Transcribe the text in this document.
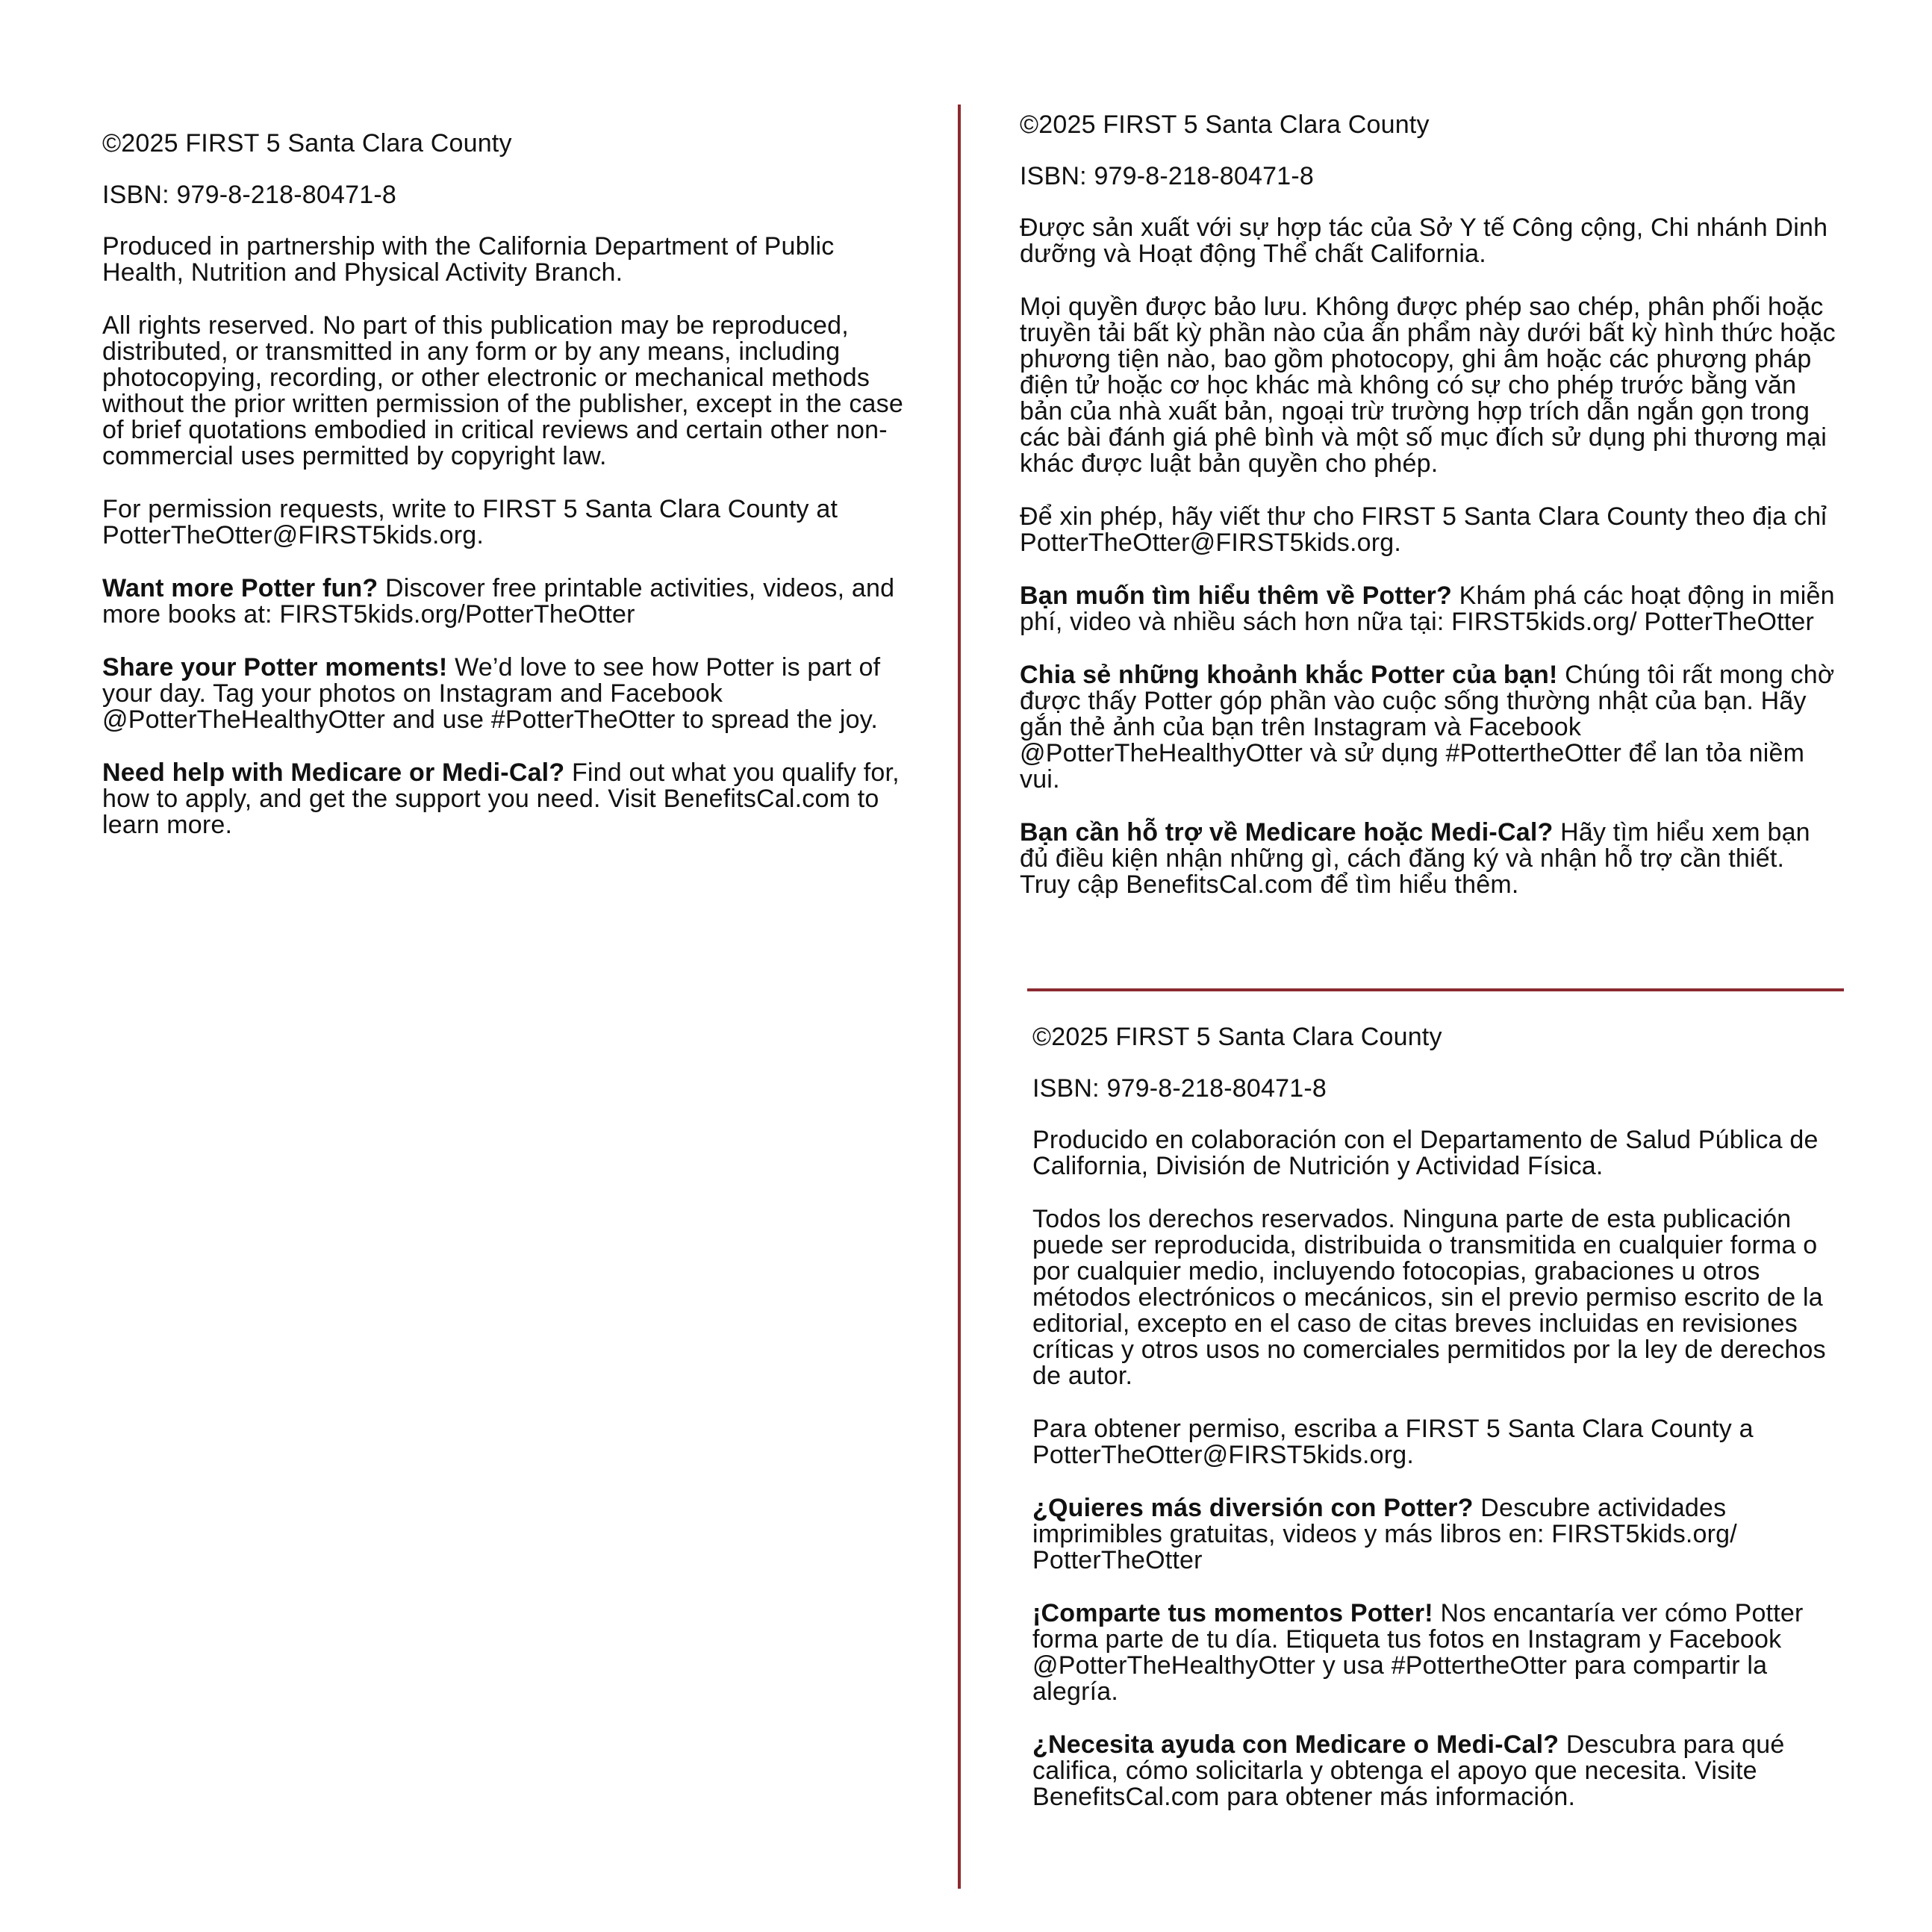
©2025 FIRST 5 Santa Clara County

ISBN: 979-8-218-80471-8

Produced in partnership with the California Department of Public Health, Nutrition and Physical Activity Branch.

All rights reserved. No part of this publication may be reproduced, distributed, or transmitted in any form or by any means, including photocopying, recording, or other electronic or mechanical methods without the prior written permission of the publisher, except in the case of brief quotations embodied in critical reviews and certain other non-commercial uses permitted by copyright law.

For permission requests, write to FIRST 5 Santa Clara County at PotterTheOtter@FIRST5kids.org.

Want more Potter fun? Discover free printable activities, videos, and more books at: FIRST5kids.org/PotterTheOtter

Share your Potter moments! We’d love to see how Potter is part of your day. Tag your photos on Instagram and Facebook @PotterTheHealthyOtter and use #PotterTheOtter to spread the joy.

Need help with Medicare or Medi-Cal? Find out what you qualify for, how to apply, and get the support you need. Visit BenefitsCal.com to learn more.

©2025 FIRST 5 Santa Clara County

ISBN: 979-8-218-80471-8

Được sản xuất với sự hợp tác của Sở Y tế Công cộng, Chi nhánh Dinh dưỡng và Hoạt động Thể chất California.

Mọi quyền được bảo lưu. Không được phép sao chép, phân phối hoặc truyền tải bất kỳ phần nào của ấn phẩm này dưới bất kỳ hình thức hoặc phương tiện nào, bao gồm photocopy, ghi âm hoặc các phương pháp điện tử hoặc cơ học khác mà không có sự cho phép trước bằng văn bản của nhà xuất bản, ngoại trừ trường hợp trích dẫn ngắn gọn trong các bài đánh giá phê bình và một số mục đích sử dụng phi thương mại khác được luật bản quyền cho phép.

Để xin phép, hãy viết thư cho FIRST 5 Santa Clara County theo địa chỉ PotterTheOtter@FIRST5kids.org.

Bạn muốn tìm hiểu thêm về Potter? Khám phá các hoạt động in miễn phí, video và nhiều sách hơn nữa tại: FIRST5kids.org/ PotterTheOtter

Chia sẻ những khoảnh khắc Potter của bạn! Chúng tôi rất mong chờ được thấy Potter góp phần vào cuộc sống thường nhật của bạn. Hãy gắn thẻ ảnh của bạn trên Instagram và Facebook @PotterTheHealthyOtter và sử dụng #PottertheOtter để lan tỏa niềm vui.

Bạn cần hỗ trợ về Medicare hoặc Medi-Cal? Hãy tìm hiểu xem bạn đủ điều kiện nhận những gì, cách đăng ký và nhận hỗ trợ cần thiết. Truy cập BenefitsCal.com để tìm hiểu thêm.

©2025 FIRST 5 Santa Clara County

ISBN: 979-8-218-80471-8

Producido en colaboración con el Departamento de Salud Pública de California, División de Nutrición y Actividad Física.

Todos los derechos reservados. Ninguna parte de esta publicación puede ser reproducida, distribuida o transmitida en cualquier forma o por cualquier medio, incluyendo fotocopias, grabaciones u otros métodos electrónicos o mecánicos, sin el previo permiso escrito de la editorial, excepto en el caso de citas breves incluidas en revisiones críticas y otros usos no comerciales permitidos por la ley de derechos de autor.

Para obtener permiso, escriba a FIRST 5 Santa Clara County a PotterTheOtter@FIRST5kids.org.

¿Quieres más diversión con Potter? Descubre actividades imprimibles gratuitas, videos y más libros en: FIRST5kids.org/ PotterTheOtter

¡Comparte tus momentos Potter! Nos encantaría ver cómo Potter forma parte de tu día. Etiqueta tus fotos en Instagram y Facebook @PotterTheHealthyOtter y usa #PottertheOtter para compartir la alegría.

¿Necesita ayuda con Medicare o Medi-Cal? Descubra para qué califica, cómo solicitarla y obtenga el apoyo que necesita. Visite BenefitsCal.com para obtener más información.
